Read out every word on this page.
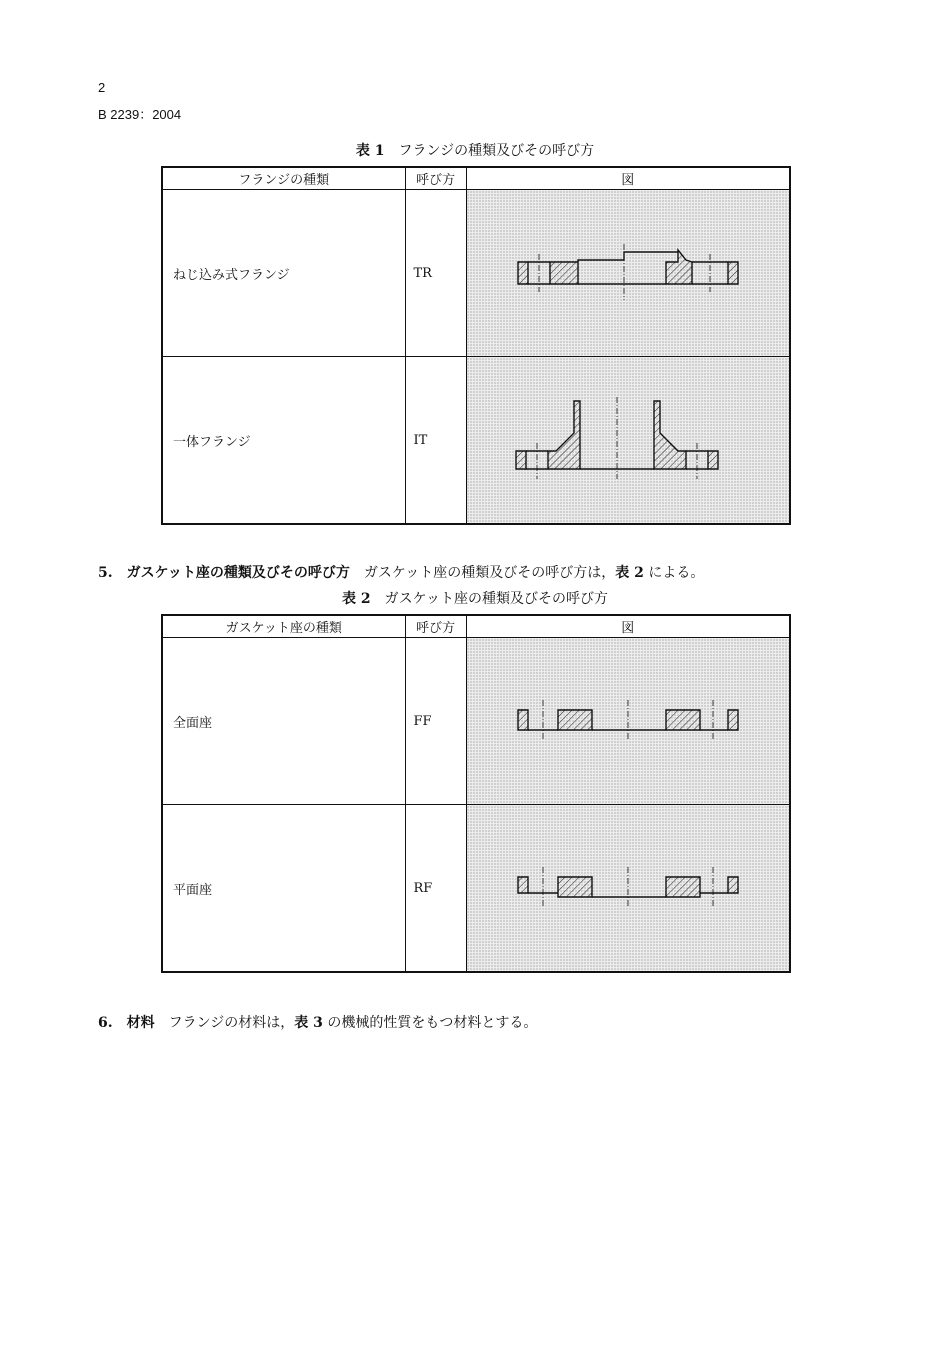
2
B 2239：2004
表 1 フランジの種類及びその呼び方
フランジの種類	呼び方	図
ねじ込み式フランジ	TR	

一体フランジ	IT	
5. ガスケット座の種類及びその呼び方 ガスケット座の種類及びその呼び方は，表 2 による。
表 2 ガスケット座の種類及びその呼び方
ガスケット座の種類	呼び方	図
全面座	FF	

平面座	RF	
6. 材料 フランジの材料は，表 3 の機械的性質をもつ材料とする。
